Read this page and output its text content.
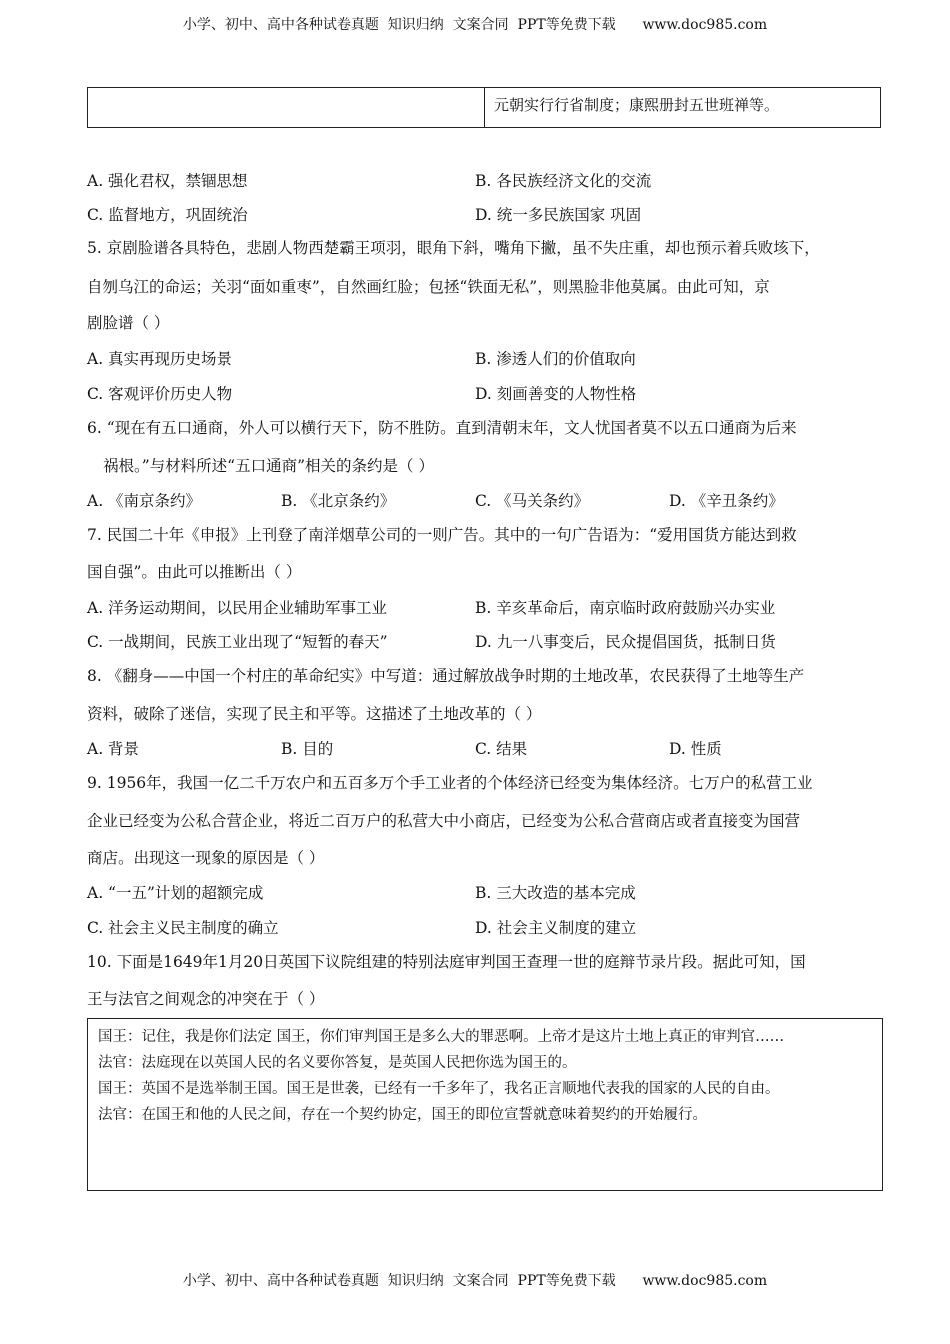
小学、初中、高中各种试卷真题  知识归纳  文案合同  PPT等免费下载      www.doc985.com
元朝实行行省制度；康熙册封五世班禅等。
A. 强化君权，禁锢思想	B. 各民族经济文化的交流
C. 监督地方，巩固统治	D. 统一多民族国家 巩固
5. 京剧脸谱各具特色，悲剧人物西楚霸王项羽，眼角下斜，嘴角下撇，虽不失庄重，却也预示着兵败垓下，
自刎乌江的命运；关羽“面如重枣”，自然画红脸；包拯“铁面无私”，则黑脸非他莫属。由此可知，京
剧脸谱（ ）
A. 真实再现历史场景	B. 渗透人们的价值取向
C. 客观评价历史人物	D. 刻画善变的人物性格
6. “现在有五口通商，外人可以横行天下，防不胜防。直到清朝末年，文人忧国者莫不以五口通商为后来
祸根。”与材料所述“五口通商”相关的条约是（ ）
A. 《南京条约》	B. 《北京条约》	C. 《马关条约》	D. 《辛丑条约》
7. 民国二十年《申报》上刊登了南洋烟草公司的一则广告。其中的一句广告语为：“爱用国货方能达到救
国自强”。由此可以推断出（ ）
A. 洋务运动期间，以民用企业辅助军事工业	B. 辛亥革命后，南京临时政府鼓励兴办实业
C. 一战期间，民族工业出现了“短暂的春天”	D. 九一八事变后，民众提倡国货，抵制日货
8. 《翻身——中国一个村庄的革命纪实》中写道：通过解放战争时期的土地改革，农民获得了土地等生产
资料，破除了迷信，实现了民主和平等。这描述了土地改革的（ ）
A. 背景	B. 目的	C. 结果	D. 性质
9. 1956年，我国一亿二千万农户和五百多万个手工业者的个体经济已经变为集体经济。七万户的私营工业
企业已经变为公私合营企业，将近二百万户的私营大中小商店，已经变为公私合营商店或者直接变为国营
商店。出现这一现象的原因是（ ）
A. “一五”计划的超额完成	B. 三大改造的基本完成
C. 社会主义民主制度的确立	D. 社会主义制度的建立
10. 下面是1649年1月20日英国下议院组建的特别法庭审判国王查理一世的庭辩节录片段。据此可知，国
王与法官之间观念的冲突在于（ ）

国王：记住，我是你们法定 国王，你们审判国王是多么大的罪恶啊。上帝才是这片土地上真正的审判官……

法官：法庭现在以英国人民的名义要你答复，是英国人民把你选为国王的。

国王：英国不是选举制王国。国王是世袭，已经有一千多年了，我名正言顺地代表我的国家的人民的自由。

法官：在国王和他的人民之间，存在一个契约协定，国王的即位宣誓就意味着契约的开始履行。

小学、初中、高中各种试卷真题  知识归纳  文案合同  PPT等免费下载      www.doc985.com
